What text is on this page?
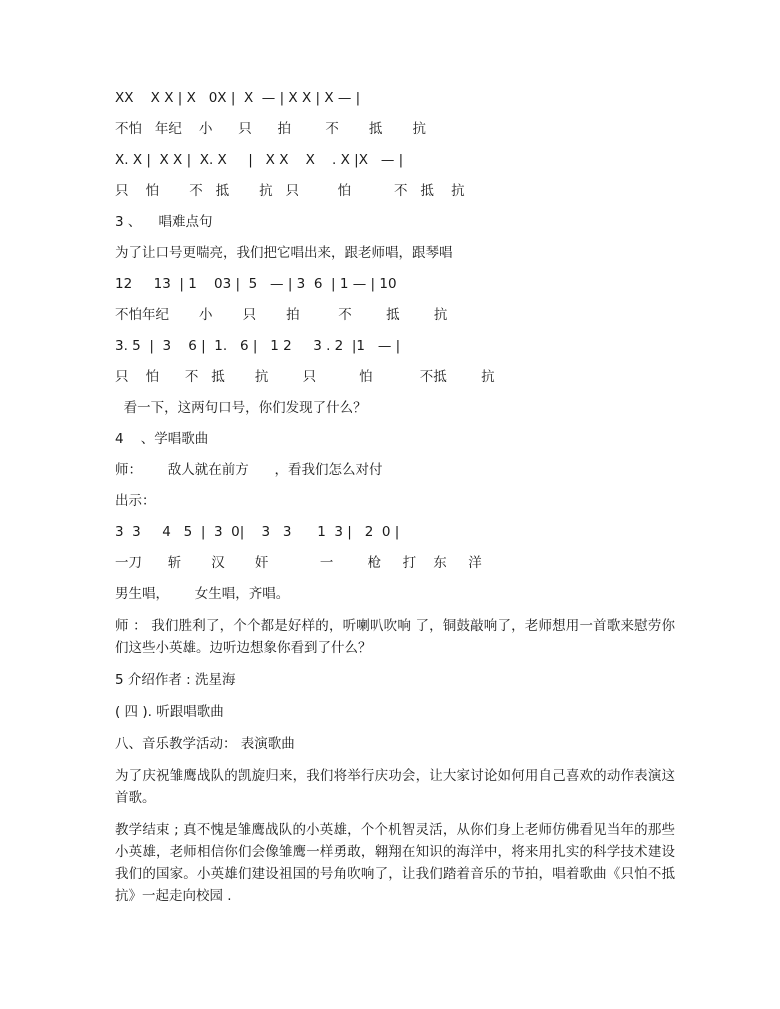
XX    X X | X   0X |  X  — | X X | X — |
不怕   年纪    小      只      拍        不       抵       抗
X. X |  X X |  X. X     |   X X    X    . X |X   — |
只    怕       不   抵       抗   只         怕          不   抵    抗
3 、    唱难点句
为了让口号更喘亮，我们把它唱出来，跟老师唱，跟琴唱
12     13  | 1    03 |  5   — | 3  6  | 1 — | 10
不怕年纪       小       只       拍         不        抵        抗
3. 5  |  3    6 |  1.   6 |   1 2     3 . 2  |1   — |
只    怕      不   抵       抗        只          怕           不抵        抗
看一下，这两句口号，你们发现了什么？
4    、学唱歌曲
师：      敌人就在前方      ，看我们怎么对付
出示：
3  3     4   5  |  3  0|    3   3      1  3 |   2  0 |
一刀      斩       汉       奸            一        枪     打    东     洋
男生唱，      女生唱，齐唱。
师 ： 我们胜利了，个个都是好样的，听喇叭吹响 了，铜鼓敲响了，老师想用一首歌来慰劳你们这些小英雄。边听边想象你看到了什么？
5 介绍作者 : 洗星海
( 四 ). 听跟唱歌曲
八、音乐教学活动： 表演歌曲
为了庆祝雏鹰战队的凯旋归来，我们将举行庆功会，让大家讨论如何用自己喜欢的动作表演这首歌。
教学结束 ; 真不愧是雏鹰战队的小英雄，个个机智灵活，从你们身上老师仿佛看见当年的那些小英雄，老师相信你们会像雏鹰一样勇敢，翱翔在知识的海洋中，将来用扎实的科学技术建设我们的国家。小英雄们建设祖国的号角吹响了，让我们踏着音乐的节拍，唱着歌曲《只怕不抵抗》一起走向校园 .
